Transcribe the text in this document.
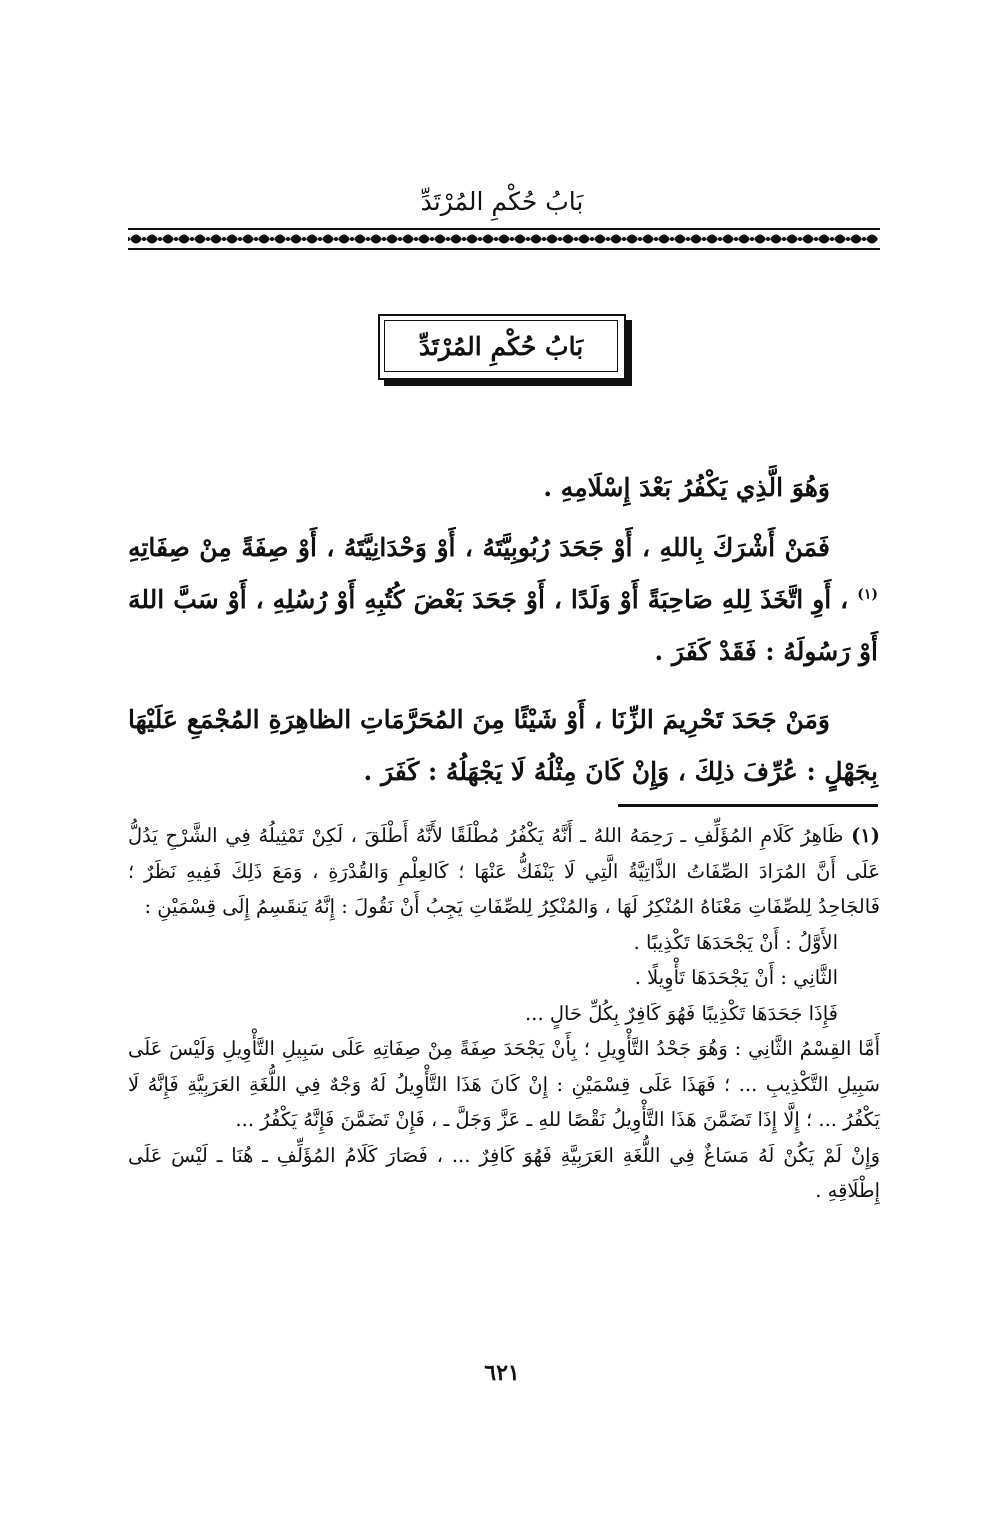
بَابُ حُكْمِ المُرْتَدِّ
بَابُ حُكْمِ المُرْتَدِّ

وَهُوَ الَّذِي يَكْفُرُ بَعْدَ إِسْلَامِهِ .

فَمَنْ أَشْرَكَ بِاللهِ ، أَوْ جَحَدَ رُبُوبِيَّتَهُ ، أَوْ وَحْدَانِيَّتَهُ ، أَوْ صِفَةً مِنْ صِفَاتِهِ $^{(١)}$ ، أَوِ اتَّخَذَ لِلهِ صَاحِبَةً أَوْ وَلَدًا ، أَوْ جَحَدَ بَعْضَ كُتُبِهِ أَوْ رُسُلِهِ ، أَوْ سَبَّ اللهَ أَوْ رَسُولَهُ : فَقَدْ كَفَرَ .

وَمَنْ جَحَدَ تَحْرِيمَ الزِّنَا ، أَوْ شَيْئًا مِنَ المُحَرَّمَاتِ الظاهِرَةِ المُجْمَعِ عَلَيْهَا بِجَهْلٍ : عُرِّفَ ذلِكَ ، وَإِنْ كَانَ مِثْلُهُ لَا يَجْهَلُهُ : كَفَرَ .

(١) ظَاهِرُ كَلَامِ المُؤَلِّفِ ـ رَحِمَهُ اللهُ ـ أَنَّهُ يَكْفُرُ مُطْلَقًا لأَنَّهُ أَطْلَقَ ، لَكِنْ تَمْثِيلُهُ فِي الشَّرْحِ يَدُلُّ عَلَى أَنَّ المُرَادَ الصِّفَاتُ الذَّاتِيَّةُ الَّتِي لَا يَنْفَكُّ عَنْهَا ؛ كَالعِلْمِ وَالقُدْرَةِ ، وَمَعَ ذَلِكَ فَفِيهِ نَظَرٌ ؛ فَالجَاحِدُ لِلصِّفَاتِ مَعْنَاهُ المُنْكِرُ لَهَا ، وَالمُنْكِرُ لِلصِّفَاتِ يَجِبُ أَنْ نَقُولَ : إِنَّهُ يَنقَسِمُ إِلَى قِسْمَيْنِ :

الأَوَّلُ : أَنْ يَجْحَدَهَا تَكْذِيبًا .

الثَّانِي : أَنْ يَجْحَدَهَا تَأْوِيلًا .

فَإِذَا جَحَدَهَا تَكْذِيبًا فَهُوَ كَافِرٌ بِكُلِّ حَالٍ ...

أَمَّا القِسْمُ الثَّانِي : وَهُوَ جَحْدُ التَّأْوِيلِ ؛ بِأَنْ يَجْحَدَ صِفَةً مِنْ صِفَاتِهِ عَلَى سَبِيلِ التَّأْوِيلِ وَلَيْسَ عَلَى سَبِيلِ التَّكْذِيبِ ... ؛ فَهَذَا عَلَى قِسْمَيْنِ : إِنْ كَانَ هَذَا التَّأْوِيلُ لَهُ وَجْهٌ فِي اللُّغَةِ العَرَبِيَّةِ فَإِنَّهُ لَا يَكْفُرُ ... ؛ إِلَّا إِذَا تَضَمَّنَ هَذَا التَّأْوِيلُ نَقْصًا للهِ ـ عَزَّ وَجَلَّ ـ ، فَإِنْ تَضَمَّنَ فَإِنَّهُ يَكْفُرُ ...

وَإِنْ لَمْ يَكُنْ لَهُ مَسَاغٌ فِي اللُّغَةِ العَرَبِيَّةِ فَهُوَ كَافِرٌ ... ، فَصَارَ كَلَامُ المُؤَلِّفِ ـ هُنَا ـ لَيْسَ عَلَى إِطْلَاقِهِ .

٦٢١
